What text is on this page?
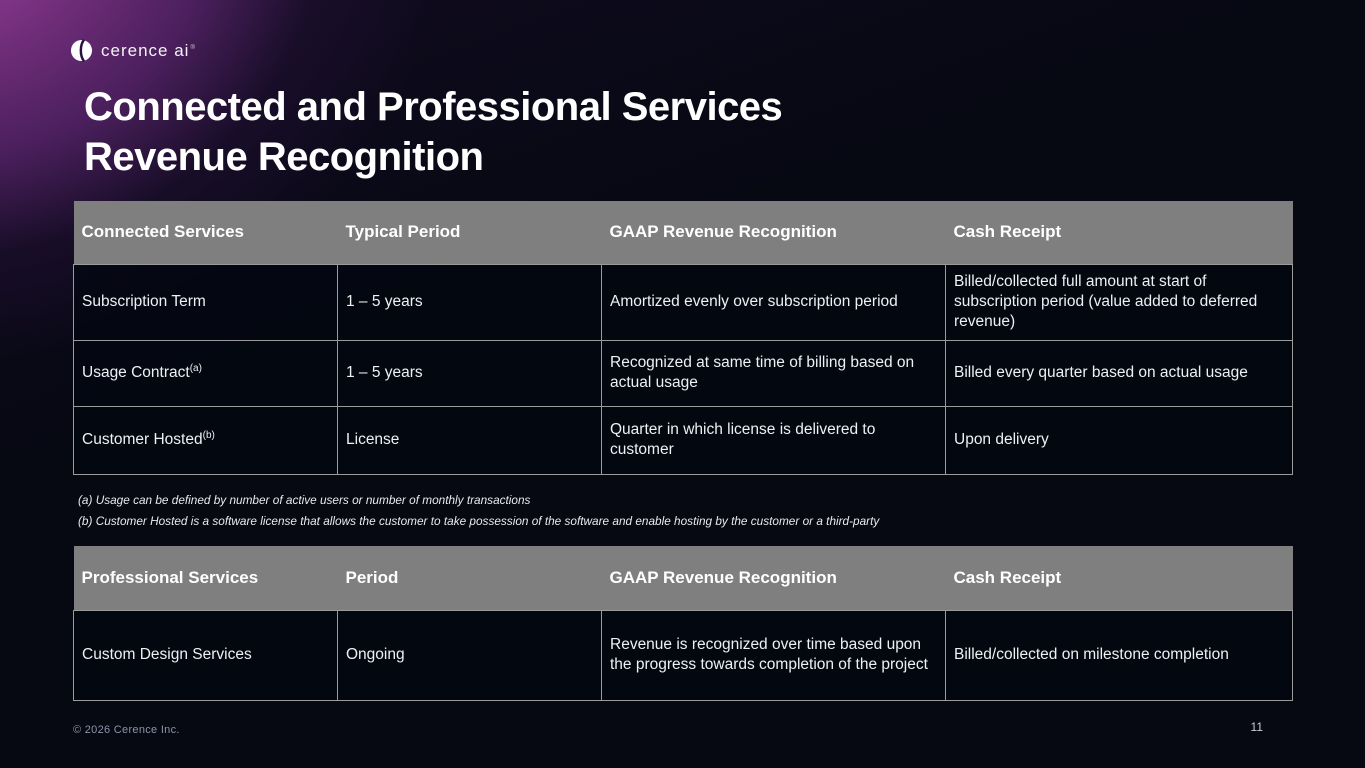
cerence ai®
Connected and Professional Services
Revenue Recognition
Connected Services	Typical Period	GAAP Revenue Recognition	Cash Receipt
Subscription Term	1 – 5 years	Amortized evenly over subscription period	Billed/collected full amount at start of subscription period (value added to deferred revenue)
Usage Contract$^{(a)}$	1 – 5 years	Recognized at same time of billing based on actual usage	Billed every quarter based on actual usage
Customer Hosted$^{(b)}$	License	Quarter in which license is delivered to customer	Upon delivery
(a) Usage can be defined by number of active users or number of monthly transactions
(b) Customer Hosted is a software license that allows the customer to take possession of the software and enable hosting by the customer or a third-party
Professional Services	Period	GAAP Revenue Recognition	Cash Receipt
Custom Design Services	Ongoing	Revenue is recognized over time based upon the progress towards completion of the project	Billed/collected on milestone completion
© 2026 Cerence Inc.	11
